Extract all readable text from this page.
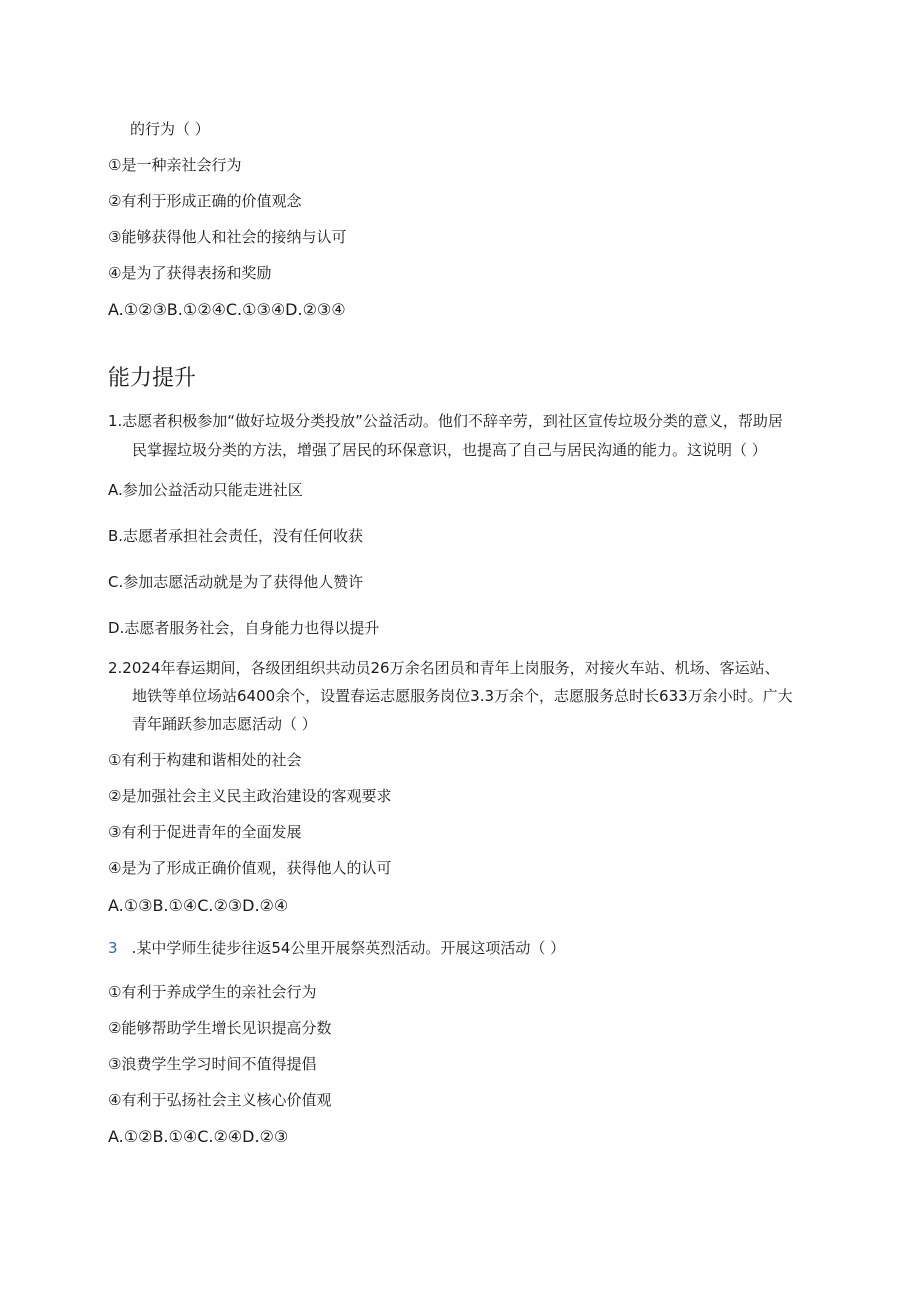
的行为（ ）
①是一种亲社会行为
②有利于形成正确的价值观念
③能够获得他人和社会的接纳与认可
④是为了获得表扬和奖励
A.①②③B.①②④C.①③④D.②③④
能力提升
1.志愿者积极参加“做好垃圾分类投放”公益活动。他们不辞辛劳，到社区宣传垃圾分类的意义，帮助居
民掌握垃圾分类的方法，增强了居民的环保意识，也提高了自己与居民沟通的能力。这说明（ ）
A.参加公益活动只能走进社区
B.志愿者承担社会责任，没有任何收获
C.参加志愿活动就是为了获得他人赞许
D.志愿者服务社会，自身能力也得以提升
2.2024年春运期间，各级团组织共动员26万余名团员和青年上岗服务，对接火车站、机场、客运站、
地铁等单位场站6400余个，设置春运志愿服务岗位3.3万余个，志愿服务总时长633万余小时。广大
青年踊跃参加志愿活动（ ）
①有利于构建和谐相处的社会
②是加强社会主义民主政治建设的客观要求
③有利于促进青年的全面发展
④是为了形成正确价值观，获得他人的认可
A.①③B.①④C.②③D.②④
3 .某中学师生徒步往返54公里开展祭英烈活动。开展这项活动（ ）
①有利于养成学生的亲社会行为
②能够帮助学生增长见识提高分数
③浪费学生学习时间不值得提倡
④有利于弘扬社会主义核心价值观
A.①②B.①④C.②④D.②③
